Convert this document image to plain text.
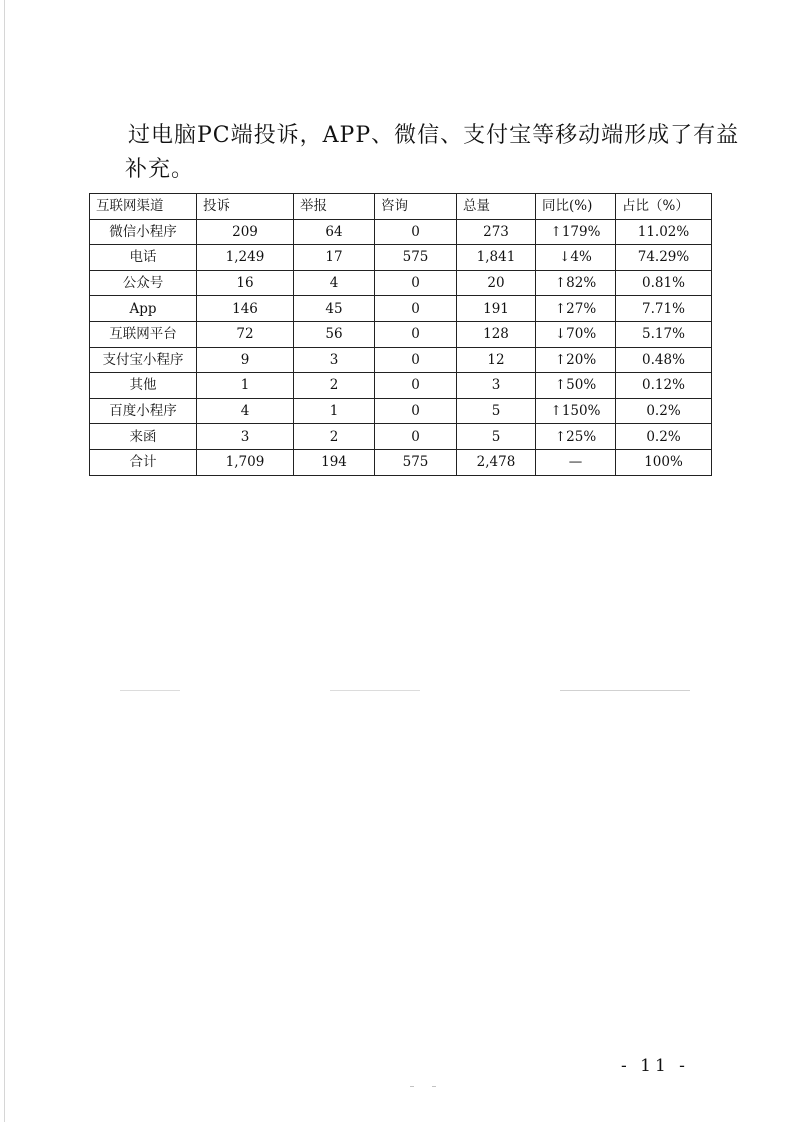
过电脑PC端投诉，APP、微信、支付宝等移动端形成了有益
补充。
互联网渠道	投诉	举报	咨询	总量	同比(%)	占比（%）
微信小程序	209	64	0	273	↑179%	11.02%
电话	1,249	17	575	1,841	↓4%	74.29%
公众号	16	4	0	20	↑82%	0.81%
App	146	45	0	191	↑27%	7.71%
互联网平台	72	56	0	128	↓70%	5.17%
支付宝小程序	9	3	0	12	↑20%	0.48%
其他	1	2	0	3	↑50%	0.12%
百度小程序	4	1	0	5	↑150%	0.2%
来函	3	2	0	5	↑25%	0.2%
合计	1,709	194	575	2,478	—	100%
- 11 -
